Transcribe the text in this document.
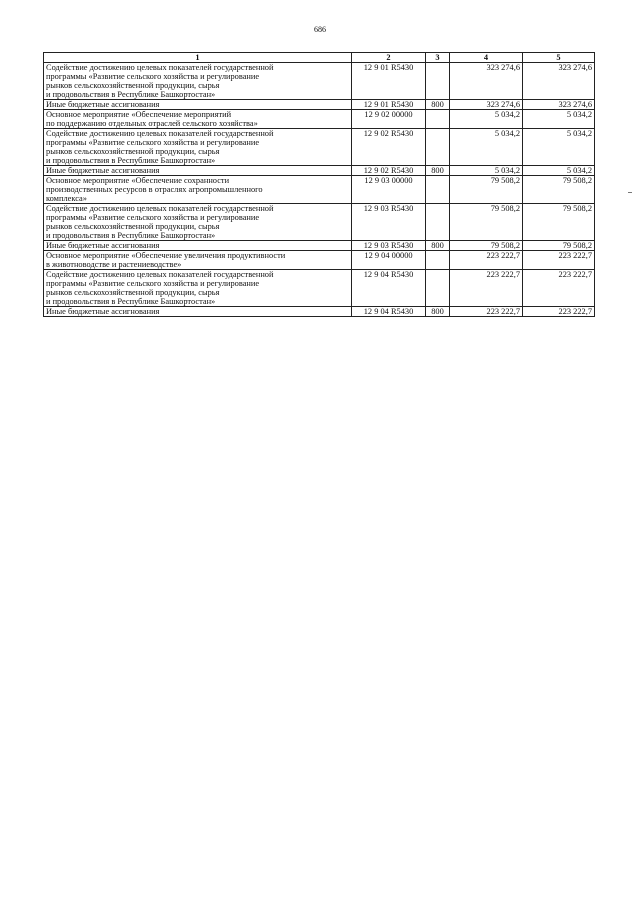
686
1	2	3	4	5
Содействие достижению целевых показателей государственной
программы «Развитие сельского хозяйства и регулирование
рынков сельскохозяйственной продукции, сырья
и продовольствия в Республике Башкортостан»	12 9 01 R5430		323 274,6	323 274,6
Иные бюджетные ассигнования	12 9 01 R5430	800	323 274,6	323 274,6
Основное мероприятие «Обеспечение мероприятий
по поддержанию отдельных отраслей сельского хозяйства»	12 9 02 00000		5 034,2	5 034,2
Содействие достижению целевых показателей государственной
программы «Развитие сельского хозяйства и регулирование
рынков сельскохозяйственной продукции, сырья
и продовольствия в Республике Башкортостан»	12 9 02 R5430		5 034,2	5 034,2
Иные бюджетные ассигнования	12 9 02 R5430	800	5 034,2	5 034,2
Основное мероприятие «Обеспечение сохранности
производственных ресурсов в отраслях агропромышленного
комплекса»	12 9 03 00000		79 508,2	79 508,2
Содействие достижению целевых показателей государственной
программы «Развитие сельского хозяйства и регулирование
рынков сельскохозяйственной продукции, сырья
и продовольствия в Республике Башкортостан»	12 9 03 R5430		79 508,2	79 508,2
Иные бюджетные ассигнования	12 9 03 R5430	800	79 508,2	79 508,2
Основное мероприятие «Обеспечение увеличения продуктивности
в животноводстве и растениеводстве»	12 9 04 00000		223 222,7	223 222,7
Содействие достижению целевых показателей государственной
программы «Развитие сельского хозяйства и регулирование
рынков сельскохозяйственной продукции, сырья
и продовольствия в Республике Башкортостан»	12 9 04 R5430		223 222,7	223 222,7
Иные бюджетные ассигнования	12 9 04 R5430	800	223 222,7	223 222,7
